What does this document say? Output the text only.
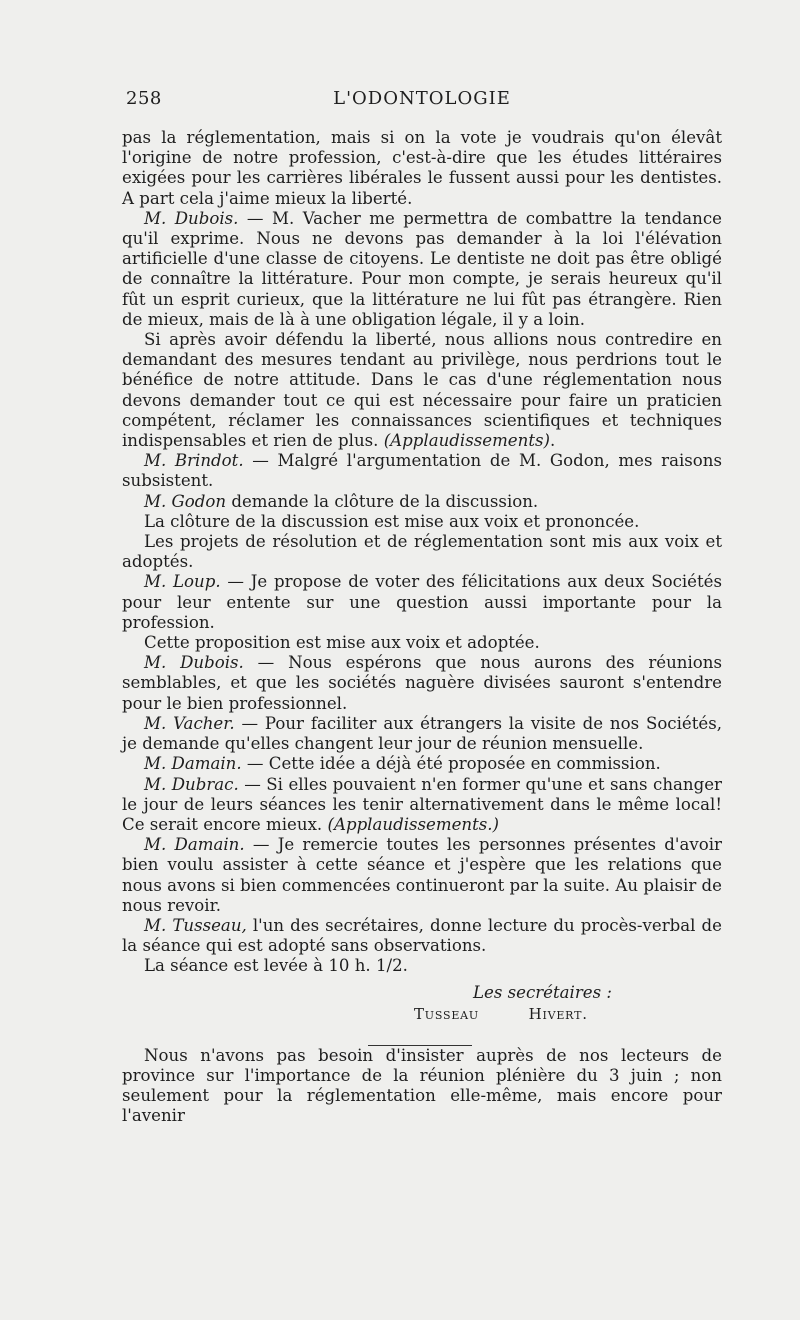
258	L'ODONTOLOGIE

pas la réglementation, mais si on la vote je voudrais qu'on élevât l'origine de notre profession, c'est-à-dire que les études littéraires exigées pour les carrières libérales le fussent aussi pour les dentistes. A part cela j'aime mieux la liberté.

M. Dubois. — M. Vacher me permettra de combattre la tendance qu'il exprime. Nous ne devons pas demander à la loi l'élévation artificielle d'une classe de citoyens. Le dentiste ne doit pas être obligé de connaître la littérature. Pour mon compte, je serais heureux qu'il fût un esprit curieux, que la littérature ne lui fût pas étrangère. Rien de mieux, mais de là à une obligation légale, il y a loin.

Si après avoir défendu la liberté, nous allions nous contredire en demandant des mesures tendant au privilège, nous perdrions tout le bénéfice de notre attitude. Dans le cas d'une réglementation nous devons demander tout ce qui est nécessaire pour faire un praticien compétent, réclamer les connaissances scientifiques et techniques indispensables et rien de plus. (Applaudissements).

M. Brindot. — Malgré l'argumentation de M. Godon, mes raisons subsistent.

M. Godon demande la clôture de la discussion.

La clôture de la discussion est mise aux voix et prononcée.

Les projets de résolution et de réglementation sont mis aux voix et adoptés.

M. Loup. — Je propose de voter des félicitations aux deux Sociétés pour leur entente sur une question aussi importante pour la profession.

Cette proposition est mise aux voix et adoptée.

M. Dubois. — Nous espérons que nous aurons des réunions semblables, et que les sociétés naguère divisées sauront s'entendre pour le bien professionnel.

M. Vacher. — Pour faciliter aux étrangers la visite de nos Sociétés, je demande qu'elles changent leur jour de réunion mensuelle.

M. Damain. — Cette idée a déjà été proposée en commission.

M. Dubrac. — Si elles pouvaient n'en former qu'une et sans changer le jour de leurs séances les tenir alternativement dans le même local! Ce serait encore mieux. (Applaudissements.)

M. Damain. — Je remercie toutes les personnes présentes d'avoir bien voulu assister à cette séance et j'espère que les relations que nous avons si bien commencées continueront par la suite. Au plaisir de nous revoir.

M. Tusseau, l'un des secrétaires, donne lecture du procès-verbal de la séance qui est adopté sans observations.

La séance est levée à 10 h. 1/2.

Les secrétaires :
Tusseau	Hivert.

Nous n'avons pas besoin d'insister auprès de nos lecteurs de province sur l'importance de la réunion plénière du 3 juin ; non seulement pour la réglementation elle-même, mais encore pour l'avenir
